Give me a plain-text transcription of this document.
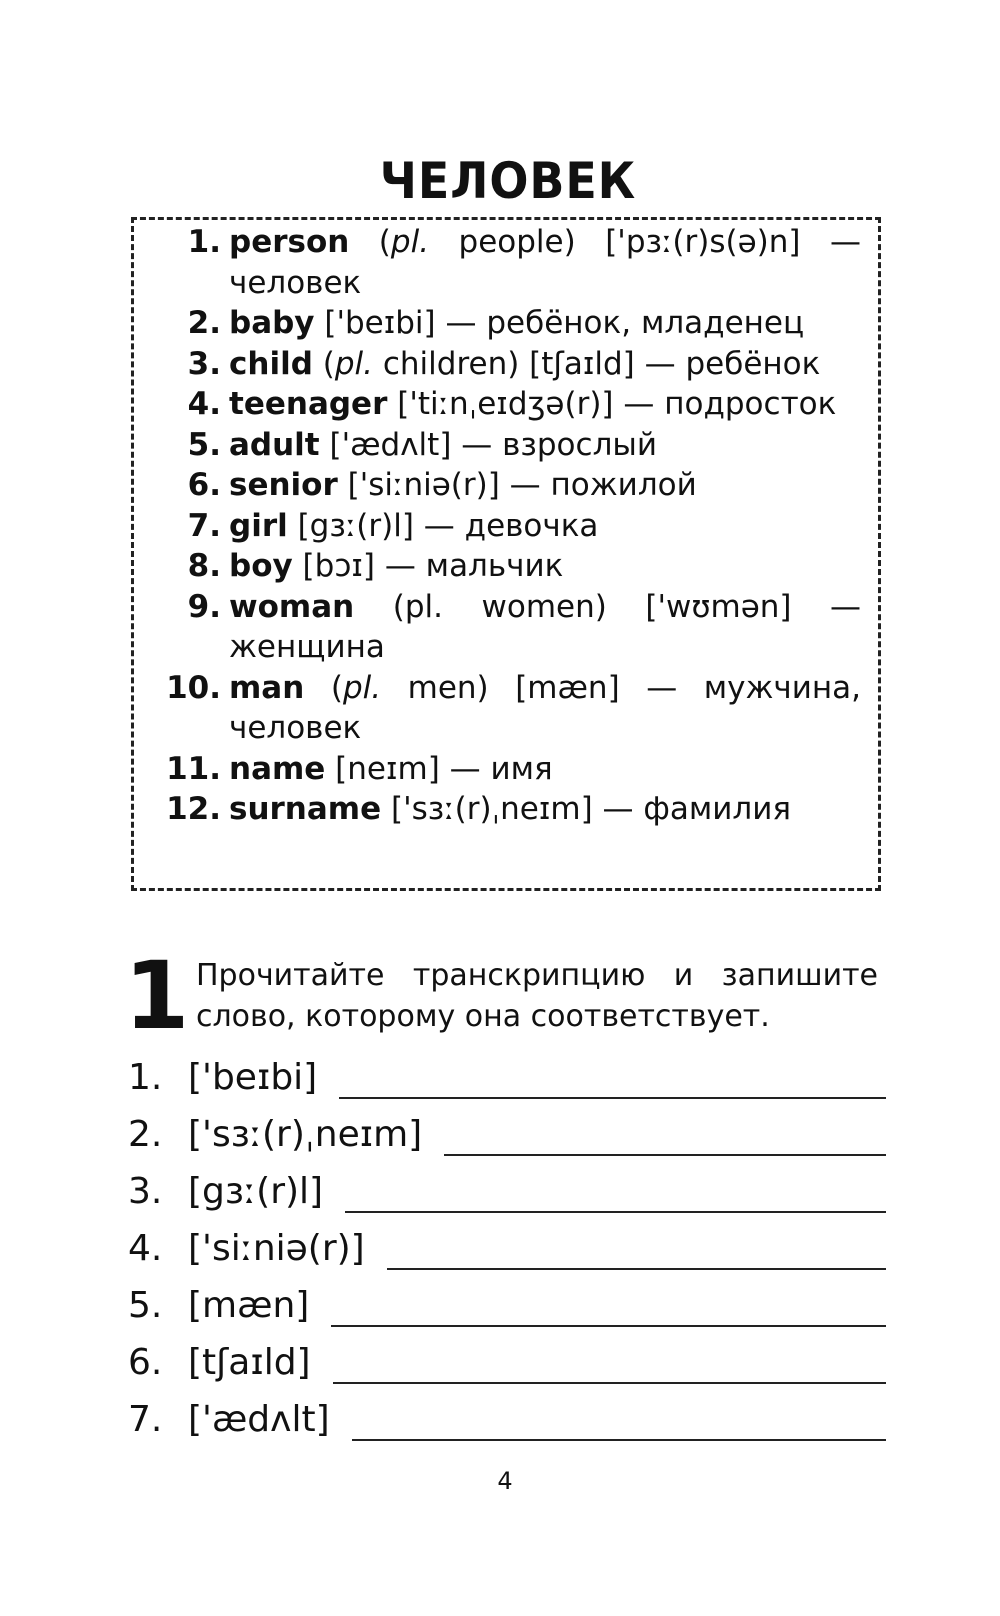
ЧЕЛОВЕК
1. person (pl. people) ['pɜː(r)s(ə)n] — человек
2. baby ['beɪbi] — ребёнок, младенец
3. child (pl. children) [tʃaɪld] — ребёнок
4. teenager ['tiːnˌeɪdʒə(r)] — подросток
5. adult ['ædʌlt] — взрослый
6. senior ['siːniə(r)] — пожилой
7. girl [gɜː(r)l] — девочка
8. boy [bɔɪ] — мальчик
9. woman (pl. women) ['wʊmən] — женщина
10. man (pl. men) [mæn] — мужчина, человек
11. name [neɪm] — имя
12. surname ['sɜː(r)ˌneɪm] — фамилия
1 Прочитайте транскрипцию и запишите слово, которому она соответствует.
1. ['beɪbi]
2. ['sɜː(r)ˌneɪm]
3. [gɜː(r)l]
4. ['siːniə(r)]
5. [mæn]
6. [tʃaɪld]
7. ['ædʌlt]
4
